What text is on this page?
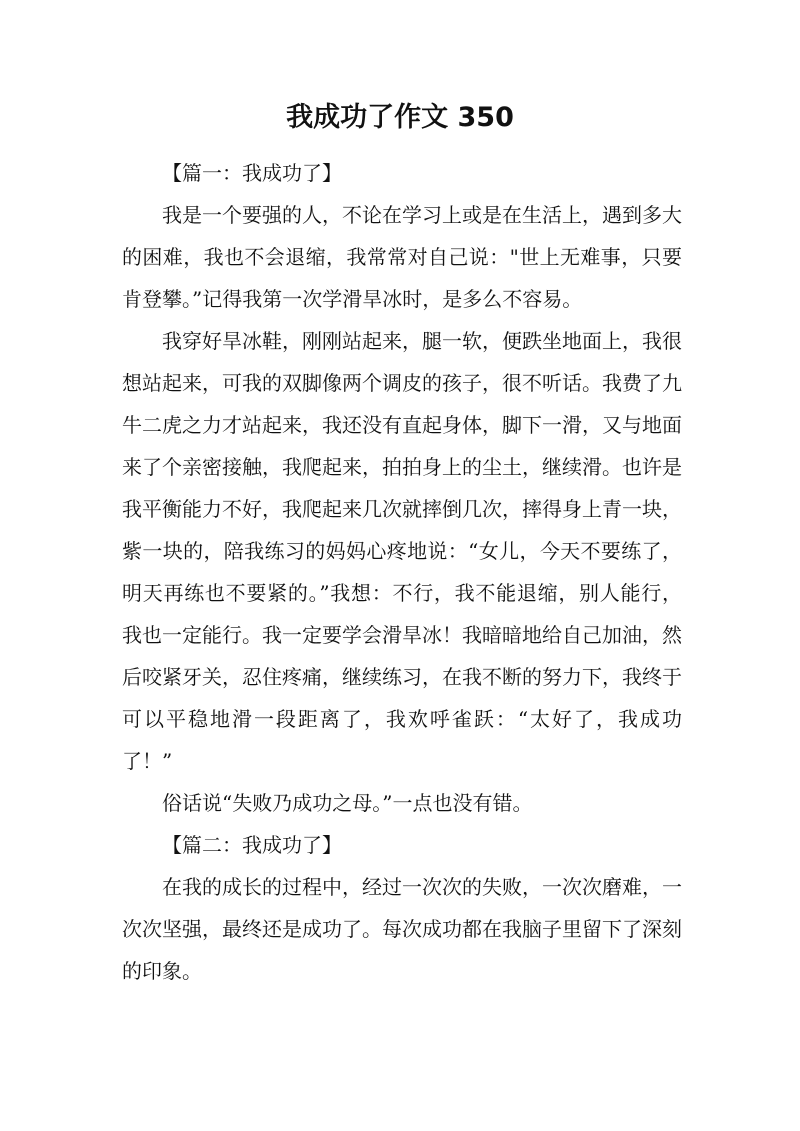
我成功了作文 350

【篇一：我成功了】

我是一个要强的人，不论在学习上或是在生活上，遇到多大的困难，我也不会退缩，我常常对自己说："世上无难事，只要肯登攀。”记得我第一次学滑旱冰时，是多么不容易。

我穿好旱冰鞋，刚刚站起来，腿一软，便跌坐地面上，我很想站起来，可我的双脚像两个调皮的孩子，很不听话。我费了九牛二虎之力才站起来，我还没有直起身体，脚下一滑，又与地面来了个亲密接触，我爬起来，拍拍身上的尘土，继续滑。也许是我平衡能力不好，我爬起来几次就摔倒几次，摔得身上青一块，紫一块的，陪我练习的妈妈心疼地说：“女儿，今天不要练了，明天再练也不要紧的。”我想：不行，我不能退缩，别人能行，我也一定能行。我一定要学会滑旱冰！我暗暗地给自己加油，然后咬紧牙关，忍住疼痛，继续练习，在我不断的努力下，我终于可以平稳地滑一段距离了，我欢呼雀跃：“太好了，我成功了！”

俗话说“失败乃成功之母。”一点也没有错。

【篇二：我成功了】

在我的成长的过程中，经过一次次的失败，一次次磨难，一次次坚强，最终还是成功了。每次成功都在我脑子里留下了深刻的印象。
